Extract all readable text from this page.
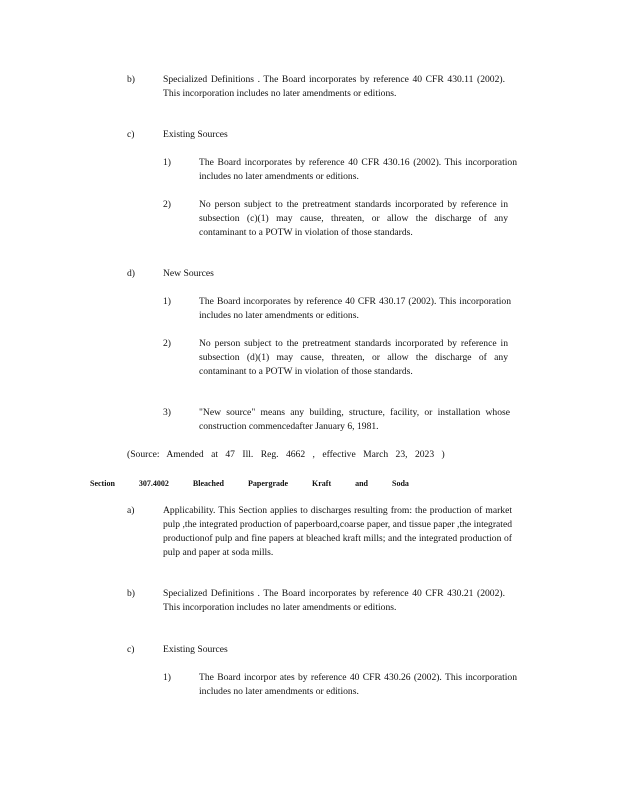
b)	Specialized Definitions . The Board incorporates by reference 40 CFR 430.11 (2002). This incorporation includes no later amendments or editions.
c)	Existing Sources
1)	The Board incorporates by reference 40 CFR 430.16 (2002). This incorporation includes no later amendments or editions.
2)	No person subject to the pretreatment standards incorporated by reference in subsection (c)(1) may cause, threaten, or allow the discharge of any contaminant to a POTW in violation of those standards.
d)	New Sources
1)	The Board incorporates by reference 40 CFR 430.17 (2002). This incorporation includes no later amendments or editions.
2)	No person subject to the pretreatment standards incorporated by reference in subsection (d)(1) may cause, threaten, or allow the discharge of any contaminant to a POTW in violation of those standards.
3)	"New source" means any building, structure, facility, or installation whose construction commencedafter January 6, 1981.
(Source: Amended at 47 Ill. Reg. 4662 , effective March 23, 2023 )
Section	307.4002	Bleached	Papergrade	Kraft	and	Soda
a)	Applicability. This Section applies to discharges resulting from: the production of market pulp ,the integrated production of paperboard,coarse paper, and tissue paper ,the integrated productionof pulp and fine papers at bleached kraft mills; and the integrated production of pulp and paper at soda mills.
b)	Specialized Definitions . The Board incorporates by reference 40 CFR 430.21 (2002). This incorporation includes no later amendments or editions.
c)	Existing Sources
1)	The Board incorpor ates by reference 40 CFR 430.26 (2002). This incorporation includes no later amendments or editions.
